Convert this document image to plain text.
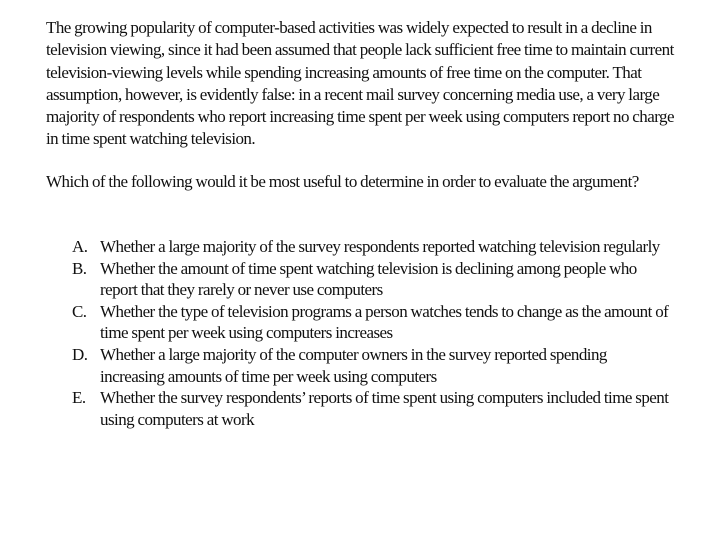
The growing popularity of computer-based activities was widely expected to result in a decline in television viewing, since it had been assumed that people lack sufficient free time to maintain current television-viewing levels while spending increasing amounts of free time on the computer. That assumption, however, is evidently false: in a recent mail survey concerning media use, a very large majority of respondents who report increasing time spent per week using computers report no charge in time spent watching television.

Which of the following would it be most useful to determine in order to evaluate the argument?

A. Whether a large majority of the survey respondents reported watching television regularly
B. Whether the amount of time spent watching television is declining among people who report that they rarely or never use computers
C. Whether the type of television programs a person watches tends to change as the amount of time spent per week using computers increases
D. Whether a large majority of the computer owners in the survey reported spending increasing amounts of time per week using computers
E. Whether the survey respondents’ reports of time spent using computers included time spent using computers at work
